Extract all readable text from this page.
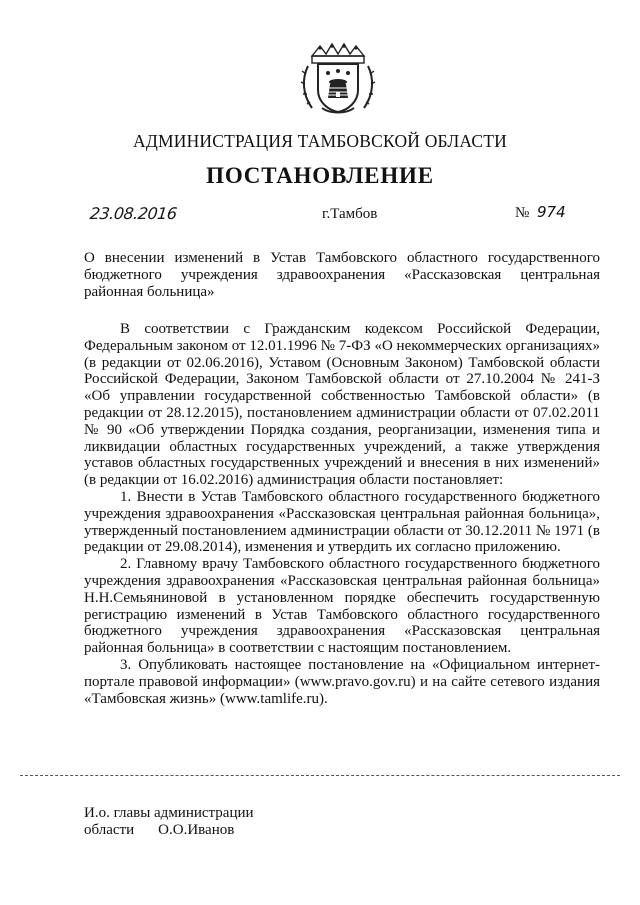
АДМИНИСТРАЦИЯ ТАМБОВСКОЙ ОБЛАСТИ
ПОСТАНОВЛЕНИЕ
23.08.2016	г.Тамбов	№ 974
О внесении изменений в Устав Тамбовского областного государственного бюджетного учреждения здравоохранения «Рассказовская центральная районная больница»

В соответствии с Гражданским кодексом Российской Федерации, Федеральным законом от 12.01.1996 № 7-ФЗ «О некоммерческих организациях» (в редакции от 02.06.2016), Уставом (Основным Законом) Тамбовской области Российской Федерации, Законом Тамбовской области от 27.10.2004 № 241-З «Об управлении государственной собственностью Тамбовской области» (в редакции от 28.12.2015), постановлением администрации области от 07.02.2011 № 90 «Об утверждении Порядка создания, реорганизации, изменения типа и ликвидации областных государственных учреждений, а также утверждения уставов областных государственных учреждений и внесения в них изменений» (в редакции от 16.02.2016) администрация области постановляет:

1. Внести в Устав Тамбовского областного государственного бюджетного учреждения здравоохранения «Рассказовская центральная районная больница», утвержденный постановлением администрации области от 30.12.2011 № 1971 (в редакции от 29.08.2014), изменения и утвердить их согласно приложению.

2. Главному врачу Тамбовского областного государственного бюджетного учреждения здравоохранения «Рассказовская центральная районная больница» Н.Н.Семьяниновой в установленном порядке обеспечить государственную регистрацию изменений в Устав Тамбовского областного государственного бюджетного учреждения здравоохранения «Рассказовская центральная районная больница» в соответствии с настоящим постановлением.

3. Опубликовать настоящее постановление на «Официальном интернет-портале правовой информации» (www.pravo.gov.ru) и на сайте сетевого издания «Тамбовская жизнь» (www.tamlife.ru).

И.о. главы администрации
области О.О.Иванов
